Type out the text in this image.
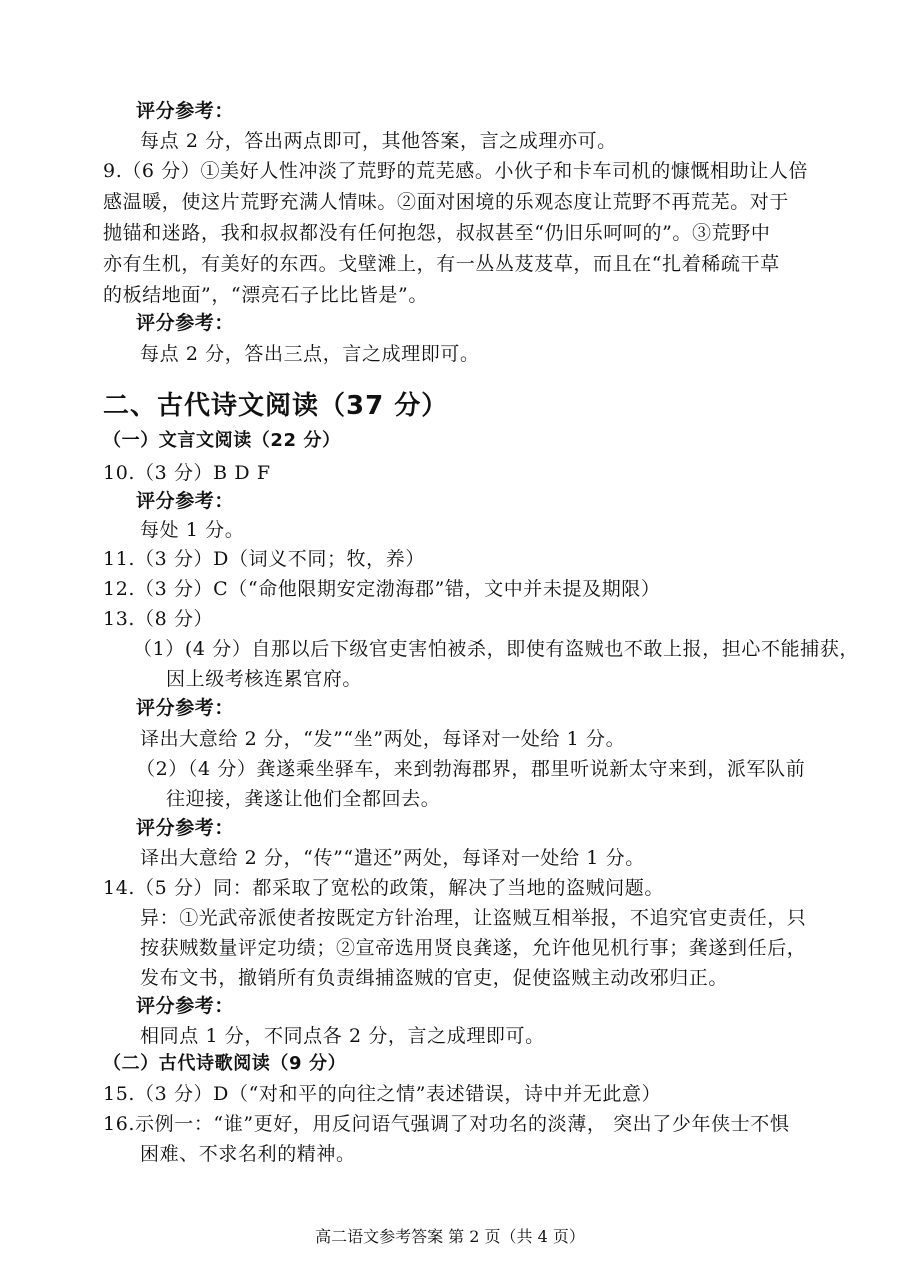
评分参考：
每点 2 分，答出两点即可，其他答案，言之成理亦可。
9.（6 分）①美好人性冲淡了荒野的荒芜感。小伙子和卡车司机的慷慨相助让人倍
感温暖，使这片荒野充满人情味。②面对困境的乐观态度让荒野不再荒芜。对于
抛锚和迷路，我和叔叔都没有任何抱怨，叔叔甚至“仍旧乐呵呵的”。③荒野中
亦有生机，有美好的东西。戈壁滩上，有一丛丛芨芨草，而且在“扎着稀疏干草
的板结地面”，“漂亮石子比比皆是”。
评分参考：
每点 2 分，答出三点，言之成理即可。
二、古代诗文阅读（37 分）
（一）文言文阅读（22 分）
10.（3 分）B D F
评分参考：
每处 1 分。
11.（3 分）D（词义不同；牧，养）
12.（3 分）C（“命他限期安定渤海郡”错，文中并未提及期限）
13.（8 分）
（1）(4 分）自那以后下级官吏害怕被杀，即使有盗贼也不敢上报，担心不能捕获，
因上级考核连累官府。
评分参考：
译出大意给 2 分，“发”“坐”两处，每译对一处给 1 分。
（2）（4 分）龚遂乘坐驿车，来到勃海郡界，郡里听说新太守来到，派军队前
往迎接，龚遂让他们全都回去。
评分参考：
译出大意给 2 分，“传”“遣还”两处，每译对一处给 1 分。
14.（5 分）同：都采取了宽松的政策，解决了当地的盗贼问题。
异：①光武帝派使者按既定方针治理，让盗贼互相举报，不追究官吏责任，只
按获贼数量评定功绩；②宣帝选用贤良龚遂，允许他见机行事；龚遂到任后，
发布文书，撤销所有负责缉捕盗贼的官吏，促使盗贼主动改邪归正。
评分参考：
相同点 1 分，不同点各 2 分，言之成理即可。
（二）古代诗歌阅读（9 分）
15.（3 分）D（“对和平的向往之情”表述错误，诗中并无此意）
16.示例一：“谁”更好，用反问语气强调了对功名的淡薄， 突出了少年侠士不惧
困难、不求名利的精神。
高二语文参考答案 第 2 页（共 4 页）
